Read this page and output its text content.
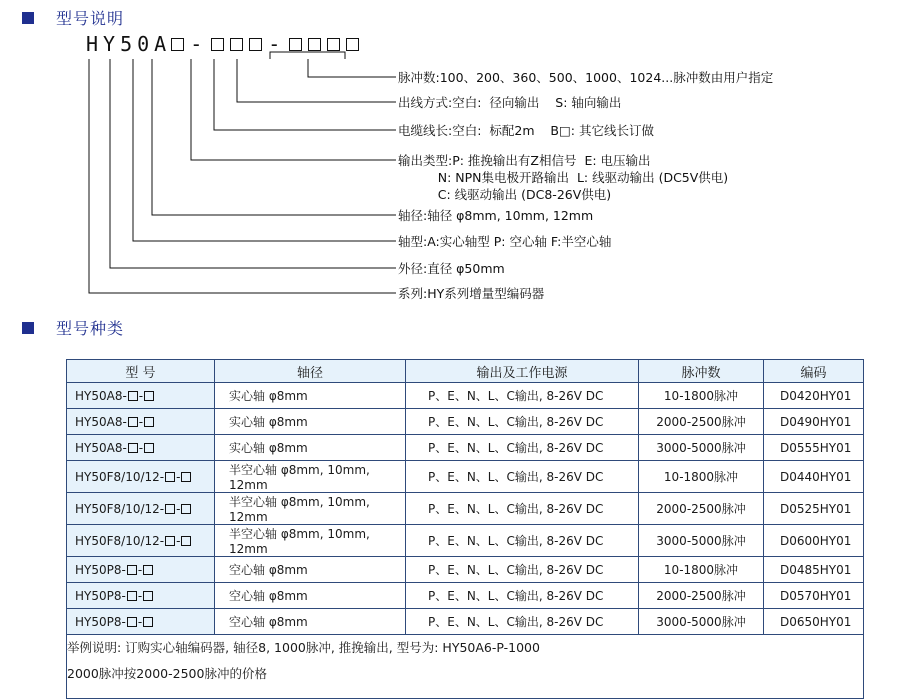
型号说明
HY50A -	-
脉冲数:100、200、360、500、1000、1024...脉冲数由用户指定
出线方式:空白:  径向输出    S: 轴向输出
电缆线长:空白:  标配2m    B□: 其它线长订做
输出类型:P: 推挽输出有Z相信号  E: 电压输出
N: NPN集电极开路输出  L: 线驱动输出 (DC5V供电)
C: 线驱动输出 (DC8-26V供电)
轴径:轴径 φ8mm, 10mm, 12mm
轴型:A:实心轴型 P: 空心轴 F:半空心轴
外径:直径 φ50mm
系列:HY系列增量型编码器
型号种类
型 号	轴径	输出及工作电源	脉冲数	编码
HY50A8- -	实心轴 φ8mm	P、E、N、L、C输出, 8-26V DC	10-1800脉冲	D0420HY01
HY50A8- -	实心轴 φ8mm	P、E、N、L、C输出, 8-26V DC	2000-2500脉冲	D0490HY01
HY50A8- -	实心轴 φ8mm	P、E、N、L、C输出, 8-26V DC	3000-5000脉冲	D0555HY01
HY50F8/10/12- -	半空心轴 φ8mm, 10mm, 12mm	P、E、N、L、C输出, 8-26V DC	10-1800脉冲	D0440HY01
HY50F8/10/12- -	半空心轴 φ8mm, 10mm, 12mm	P、E、N、L、C输出, 8-26V DC	2000-2500脉冲	D0525HY01
HY50F8/10/12- -	半空心轴 φ8mm, 10mm, 12mm	P、E、N、L、C输出, 8-26V DC	3000-5000脉冲	D0600HY01
HY50P8- -	空心轴 φ8mm	P、E、N、L、C输出, 8-26V DC	10-1800脉冲	D0485HY01
HY50P8- -	空心轴 φ8mm	P、E、N、L、C输出, 8-26V DC	2000-2500脉冲	D0570HY01
HY50P8- -	空心轴 φ8mm	P、E、N、L、C输出, 8-26V DC	3000-5000脉冲	D0650HY01

举例说明: 订购实心轴编码器, 轴径8, 1000脉冲, 推挽输出, 型号为: HY50A6-P-1000
2000脉冲按2000-2500脉冲的价格				
